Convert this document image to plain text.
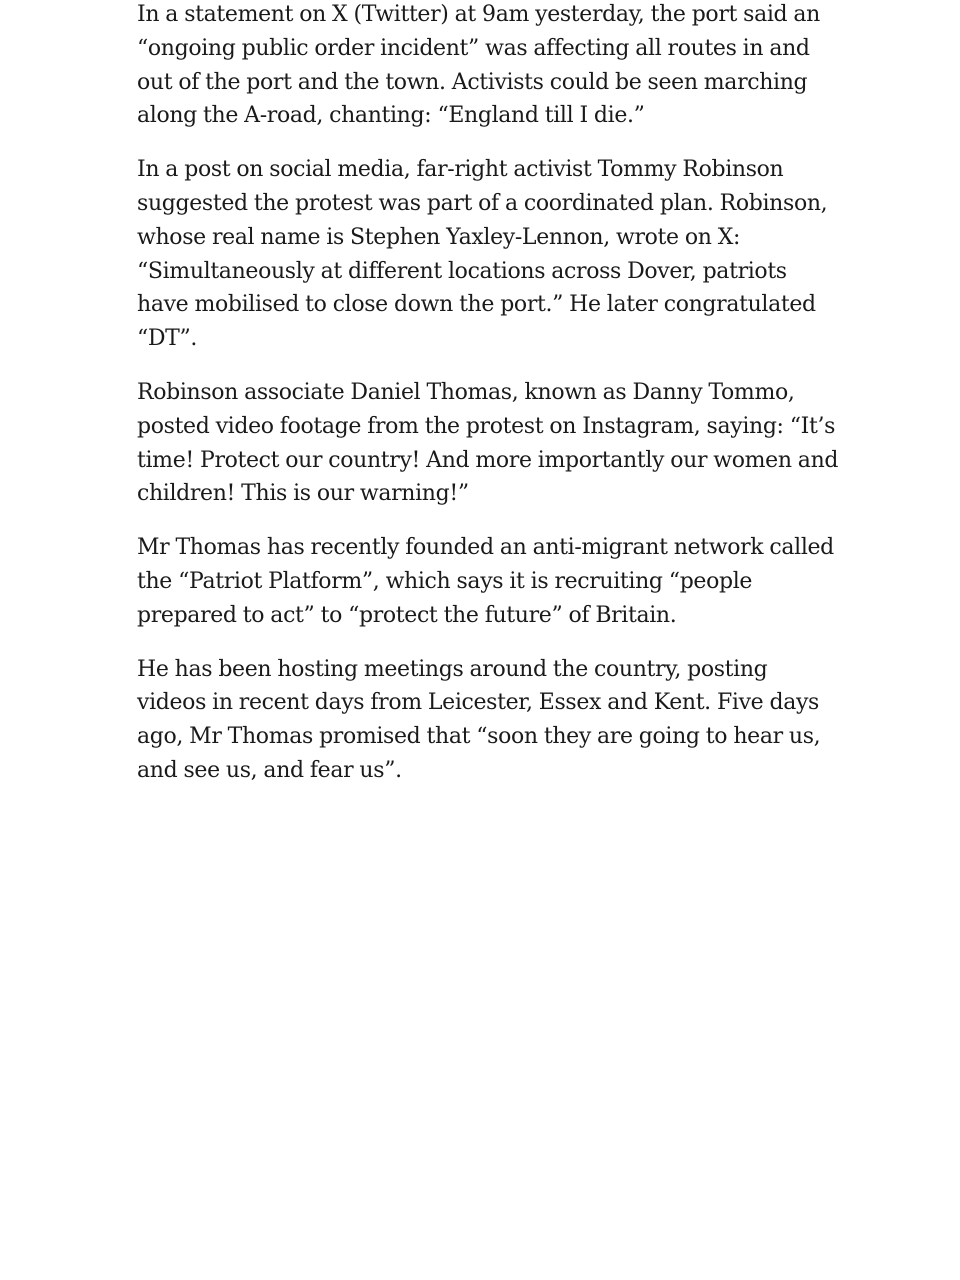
In a statement on X (Twitter) at 9am yesterday, the port said an
“ongoing public order incident” was affecting all routes in and
out of the port and the town. Activists could be seen marching
along the A-road, chanting: “England till I die.”

In a post on social media, far-right activist Tommy Robinson
suggested the protest was part of a coordinated plan. Robinson,
whose real name is Stephen Yaxley-Lennon, wrote on X:
“Simultaneously at different locations across Dover, patriots
have mobilised to close down the port.” He later congratulated
“DT”.

Robinson associate Daniel Thomas, known as Danny Tommo,
posted video footage from the protest on Instagram, saying: “It’s
time! Protect our country! And more importantly our women and
children! This is our warning!”

Mr Thomas has recently founded an anti-migrant network called
the “Patriot Platform”, which says it is recruiting “people
prepared to act” to “protect the future” of Britain.

He has been hosting meetings around the country, posting
videos in recent days from Leicester, Essex and Kent. Five days
ago, Mr Thomas promised that “soon they are going to hear us,
and see us, and fear us”.
